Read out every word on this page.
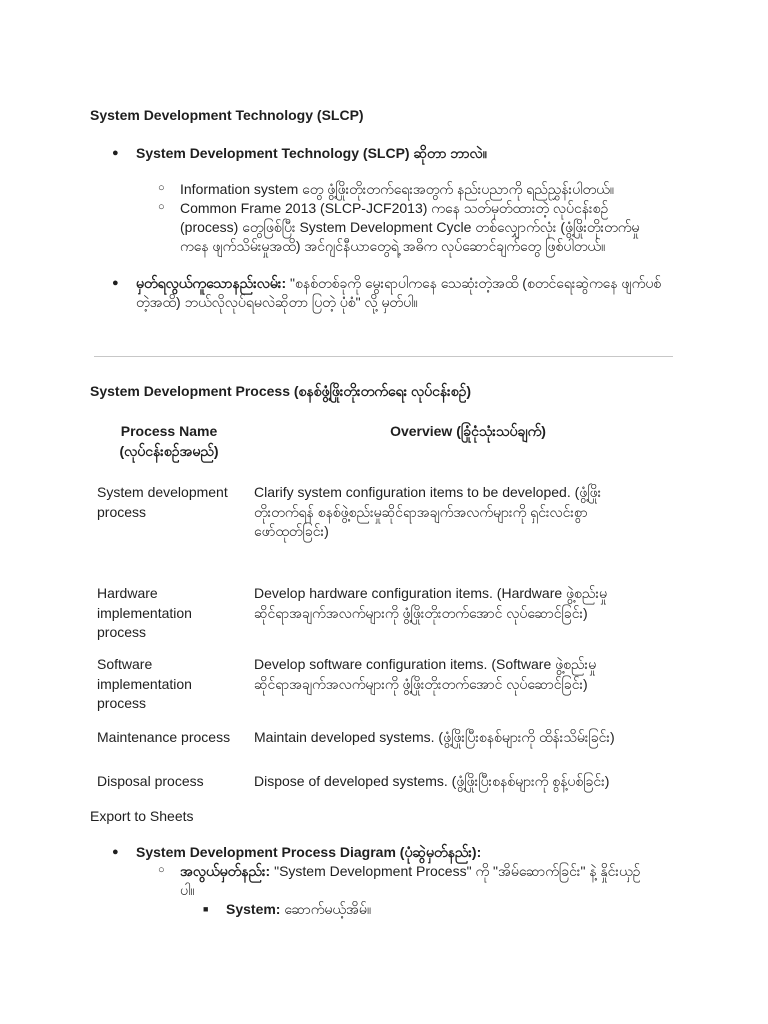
System Development Technology (SLCP)
● System Development Technology (SLCP) ဆိုတာ ဘာလဲ။
○ Information system တွေ ဖွံ့ဖြိုးတိုးတက်ရေးအတွက် နည်းပညာကို ရည်ညွှန်းပါတယ်။
○ Common Frame 2013 (SLCP-JCF2013) ကနေ သတ်မှတ်ထားတဲ့ လုပ်ငန်းစဉ် (process) တွေဖြစ်ပြီး System Development Cycle တစ်လျှောက်လုံး (ဖွံ့ဖြိုးတိုးတက်မှုကနေ ဖျက်သိမ်းမှုအထိ) အင်ဂျင်နီယာတွေရဲ့ အဓိက လုပ်ဆောင်ချက်တွေ ဖြစ်ပါတယ်။
● မှတ်ရလွယ်ကူသောနည်းလမ်း: "စနစ်တစ်ခုကို မွေးရာပါကနေ သေဆုံးတဲ့အထိ (စတင်ရေးဆွဲကနေ ဖျက်ပစ်တဲ့အထိ) ဘယ်လိုလုပ်ရမလဲဆိုတာ ပြတဲ့ ပုံစံ" လို့ မှတ်ပါ။
System Development Process (စနစ်ဖွံ့ဖြိုးတိုးတက်ရေး လုပ်ငန်းစဉ်)
Process Name (လုပ်ငန်းစဉ်အမည်)
Overview (ခြုံငုံသုံးသပ်ချက်)
System development process
Clarify system configuration items to be developed. (ဖွံ့ဖြိုးတိုးတက်ရန် စနစ်ဖွဲ့စည်းမှုဆိုင်ရာအချက်အလက်များကို ရှင်းလင်းစွာ ဖော်ထုတ်ခြင်း)
Hardware implementation process
Develop hardware configuration items. (Hardware ဖွဲ့စည်းမှုဆိုင်ရာအချက်အလက်များကို ဖွံ့ဖြိုးတိုးတက်အောင် လုပ်ဆောင်ခြင်း)
Software implementation process
Develop software configuration items. (Software ဖွဲ့စည်းမှုဆိုင်ရာအချက်အလက်များကို ဖွံ့ဖြိုးတိုးတက်အောင် လုပ်ဆောင်ခြင်း)
Maintenance process	Maintain developed systems. (ဖွံ့ဖြိုးပြီးစနစ်များကို ထိန်းသိမ်းခြင်း)
Disposal process	Dispose of developed systems. (ဖွံ့ဖြိုးပြီးစနစ်များကို စွန့်ပစ်ခြင်း)
Export to Sheets
● System Development Process Diagram (ပုံဆွဲမှတ်နည်း):
○ အလွယ်မှတ်နည်း: "System Development Process" ကို "အိမ်ဆောက်ခြင်း" နဲ့ နှိုင်းယှဉ်ပါ။
■ System: ဆောက်မယ့်အိမ်။
